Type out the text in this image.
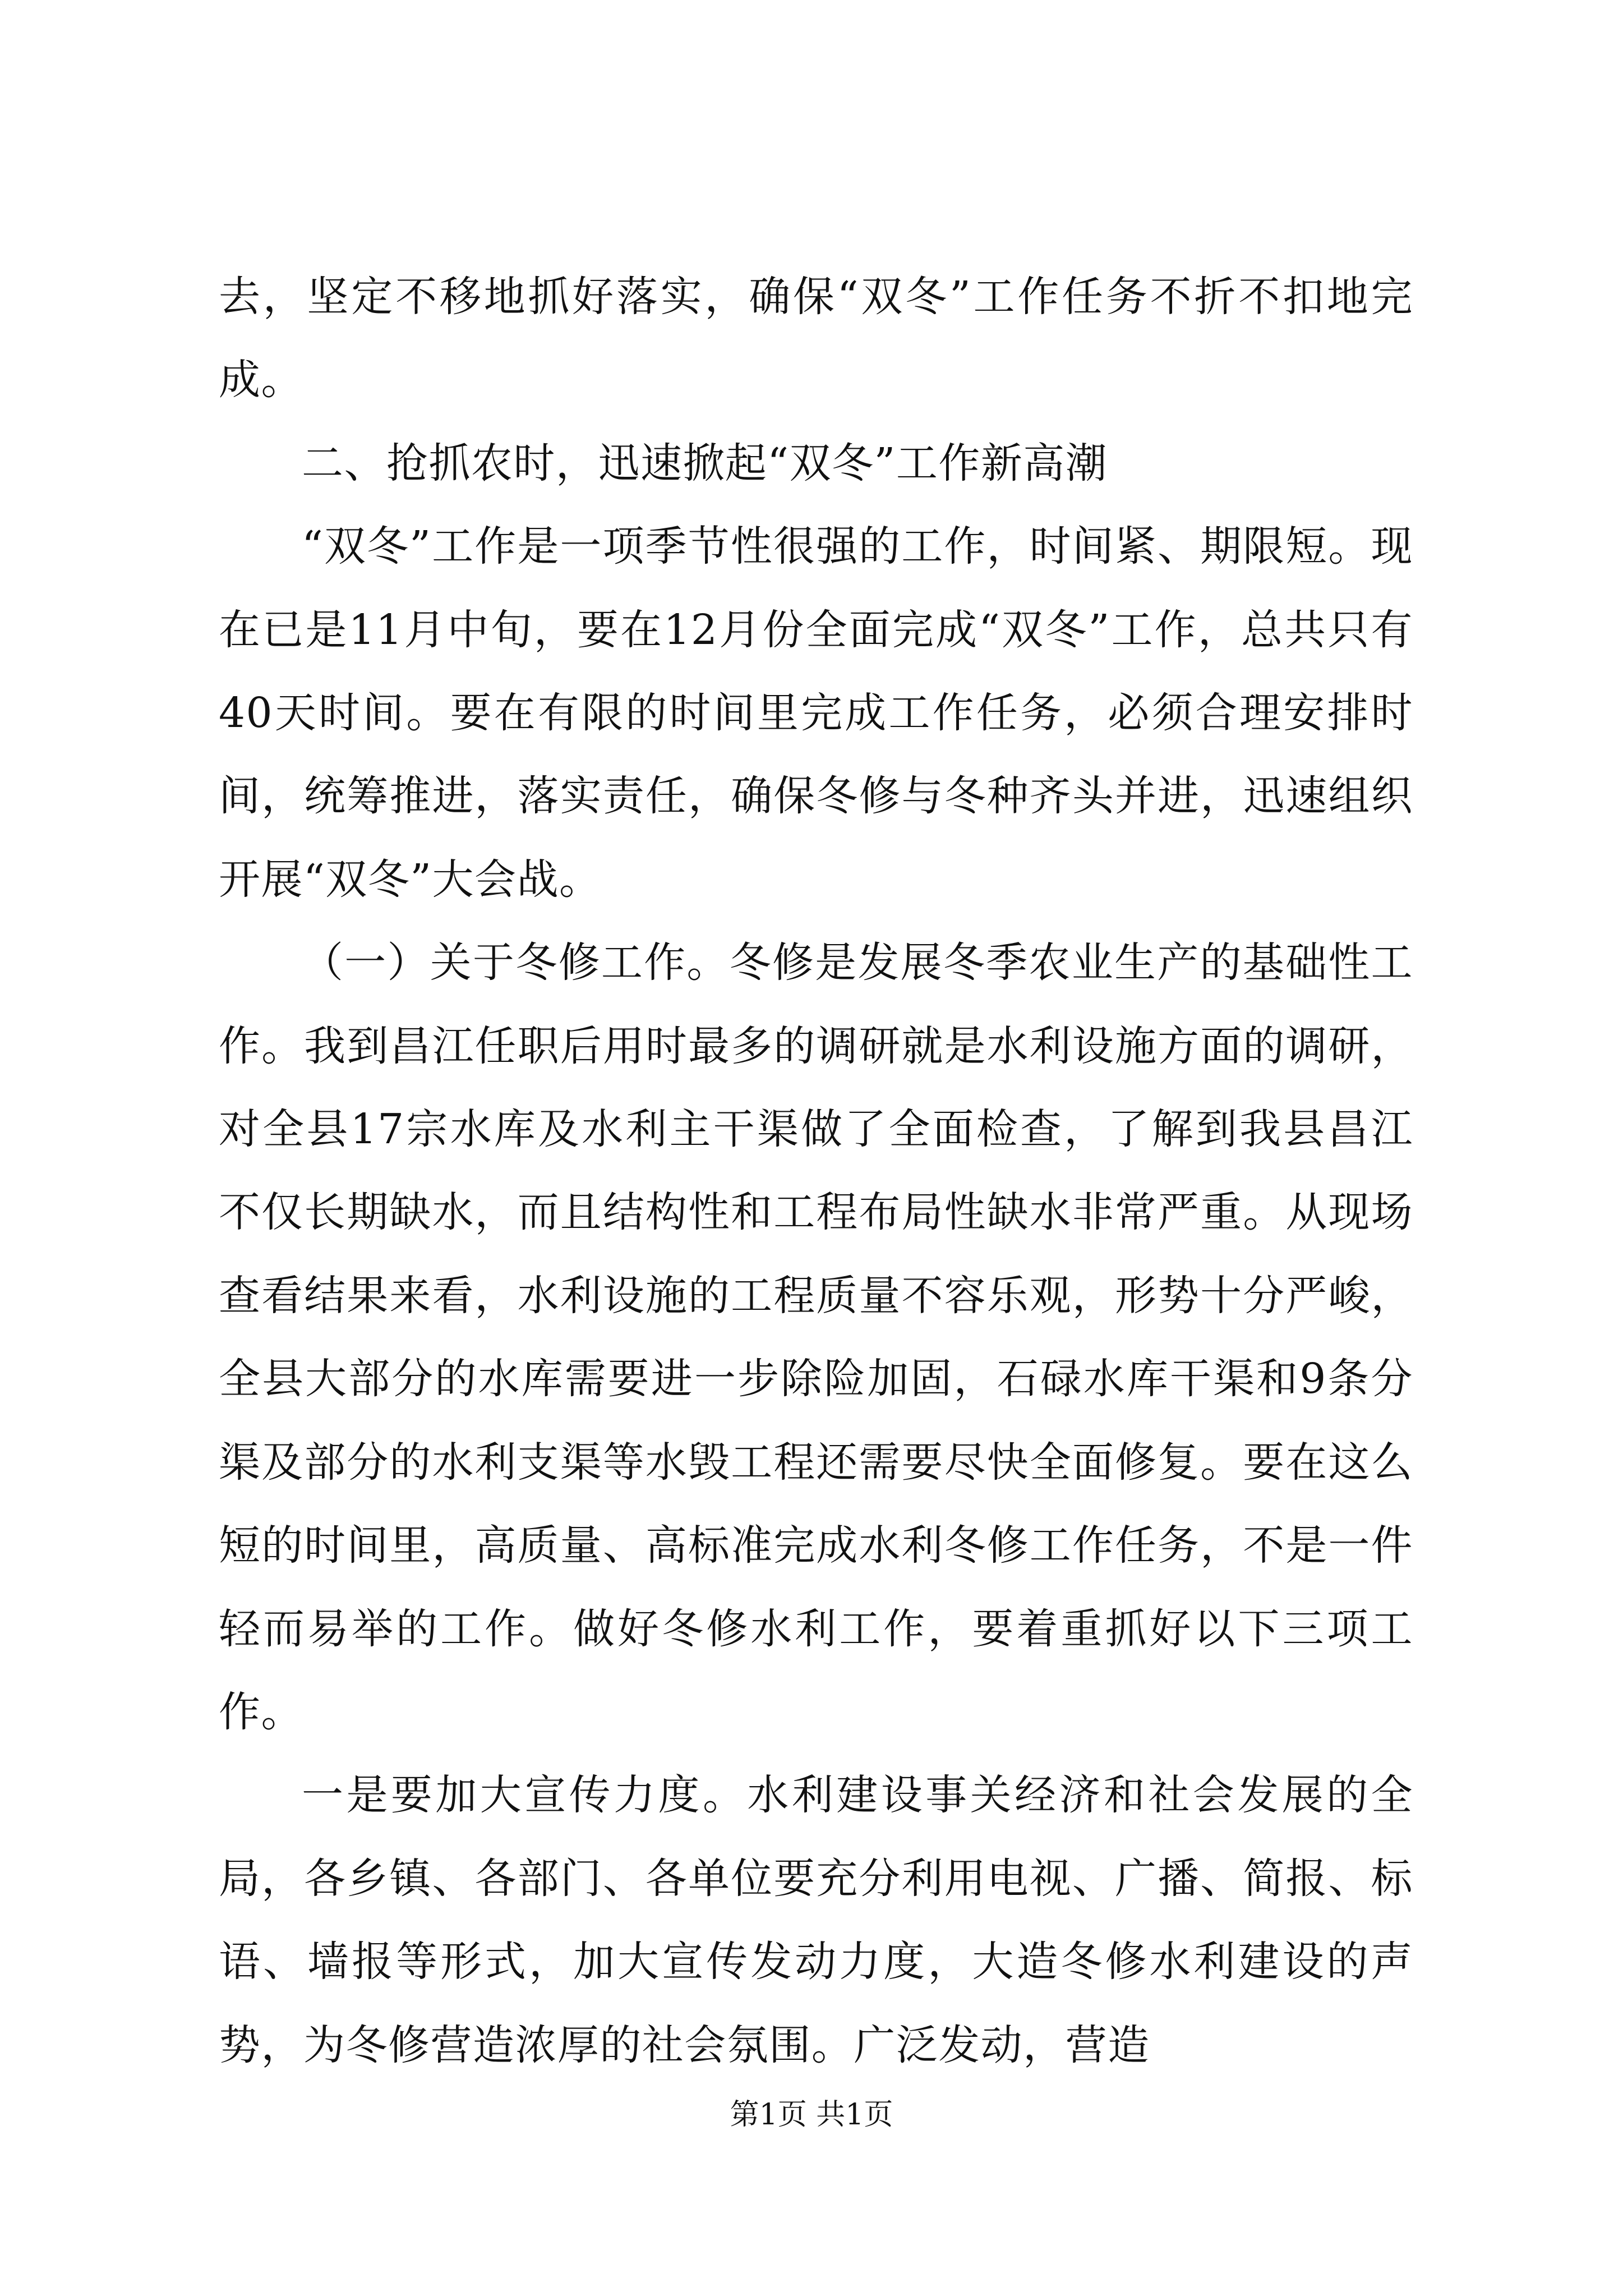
去，坚定不移地抓好落实，确保“双冬”工作任务不折不扣地完成。

二、抢抓农时，迅速掀起“双冬”工作新高潮

“双冬”工作是一项季节性很强的工作，时间紧、期限短。现在已是11月中旬，要在12月份全面完成“双冬”工作，总共只有40天时间。要在有限的时间里完成工作任务，必须合理安排时间，统筹推进，落实责任，确保冬修与冬种齐头并进，迅速组织开展“双冬”大会战。

（一）关于冬修工作。冬修是发展冬季农业生产的基础性工作。我到昌江任职后用时最多的调研就是水利设施方面的调研，对全县17宗水库及水利主干渠做了全面检查，了解到我县昌江不仅长期缺水，而且结构性和工程布局性缺水非常严重。从现场查看结果来看，水利设施的工程质量不容乐观，形势十分严峻，全县大部分的水库需要进一步除险加固，石碌水库干渠和9条分渠及部分的水利支渠等水毁工程还需要尽快全面修复。要在这么短的时间里，高质量、高标准完成水利冬修工作任务，不是一件轻而易举的工作。做好冬修水利工作，要着重抓好以下三项工作。

一是要加大宣传力度。水利建设事关经济和社会发展的全局，各乡镇、各部门、各单位要充分利用电视、广播、简报、标语、墙报等形式，加大宣传发动力度，大造冬修水利建设的声势，为冬修营造浓厚的社会氛围。广泛发动，营造

第1页 共1页
